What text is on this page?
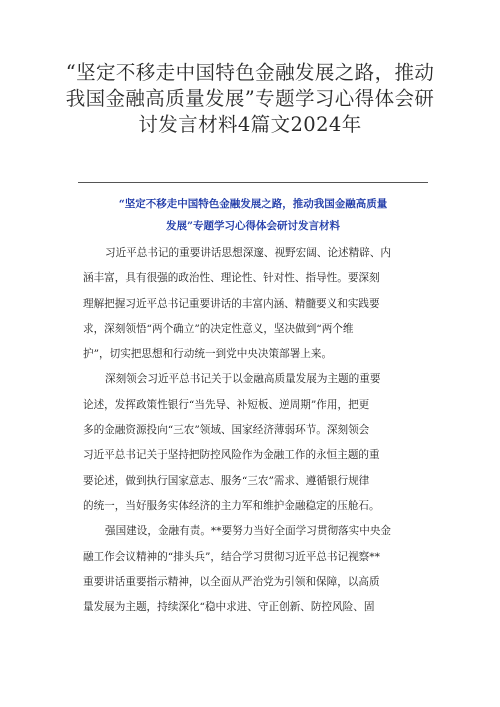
“坚定不移走中国特色金融发展之路，推动
我国金融高质量发展”专题学习心得体会研
讨发言材料4篇文2024年
“坚定不移走中国特色金融发展之路，推动我国金融高质量
发展”专题学习心得体会研讨发言材料
习近平总书记的重要讲话思想深邃、视野宏阔、论述精辟、内
涵丰富，具有很强的政治性、理论性、针对性、指导性。要深刻
理解把握习近平总书记重要讲话的丰富内涵、精髓要义和实践要
求，深刻领悟“两个确立”的决定性意义，坚决做到“两个维
护”，切实把思想和行动统一到党中央决策部署上来。
深刻领会习近平总书记关于以金融高质量发展为主题的重要
论述，发挥政策性银行“当先导、补短板、逆周期”作用，把更
多的金融资源投向“三农”领域、国家经济薄弱环节。深刻领会
习近平总书记关于坚持把防控风险作为金融工作的永恒主题的重
要论述，做到执行国家意志、服务“三农”需求、遵循银行规律
的统一，当好服务实体经济的主力军和维护金融稳定的压舱石。
强国建设，金融有责。**要努力当好全面学习贯彻落实中央金
融工作会议精神的“排头兵”，结合学习贯彻习近平总书记视察**
重要讲话重要指示精神，以全面从严治党为引领和保障，以高质
量发展为主题，持续深化“稳中求进、守正创新、防控风险、固
